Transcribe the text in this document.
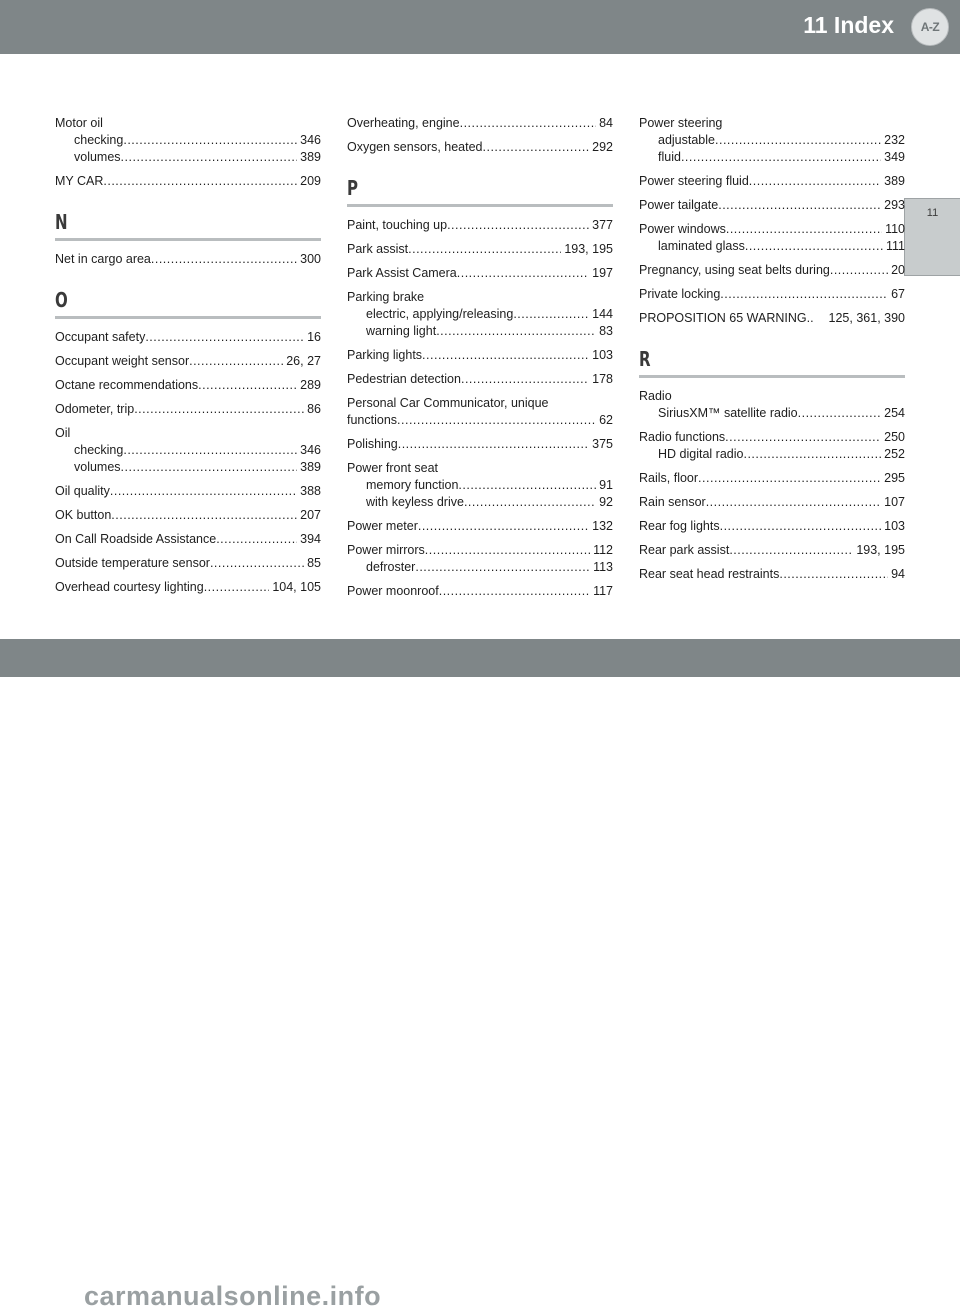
11 Index	A-Z
11
Motor oil
checking .....	346
volumes .....	389
MY CAR .....	209
N
Net in cargo area .....	300
O
Occupant safety .....	16
Occupant weight sensor .....	26, 27
Octane recommendations .....	289
Odometer, trip .....	86
Oil
checking .....	346
volumes .....	389
Oil quality .....	388
OK button .....	207
On Call Roadside Assistance .....	394
Outside temperature sensor .....	85
Overhead courtesy lighting .....	104, 105
Overheating, engine .....	84
Oxygen sensors, heated .....	292
P
Paint, touching up .....	377
Park assist .....	193, 195
Park Assist Camera .....	197
Parking brake
electric, applying/releasing .....	144
warning light .....	83
Parking lights .....	103
Pedestrian detection .....	178
Personal Car Communicator, unique
functions .....	62
Polishing .....	375
Power front seat
memory function .....	91
with keyless drive .....	92
Power meter .....	132
Power mirrors .....	112
defroster .....	113
Power moonroof .....	117
Power steering
adjustable .....	232
fluid .....	349
Power steering fluid .....	389
Power tailgate .....	293
Power windows .....	110
laminated glass .....	111
Pregnancy, using seat belts during .....	20
Private locking .....	67
PROPOSITION 65 WARNING.. 125, 361, 390
R
Radio
SiriusXM™ satellite radio .....	254
Radio functions .....	250
HD digital radio .....	252
Rails, floor .....	295
Rain sensor .....	107
Rear fog lights .....	103
Rear park assist .....	193, 195
Rear seat head restraints .....	94
carmanualsonline.info	401
